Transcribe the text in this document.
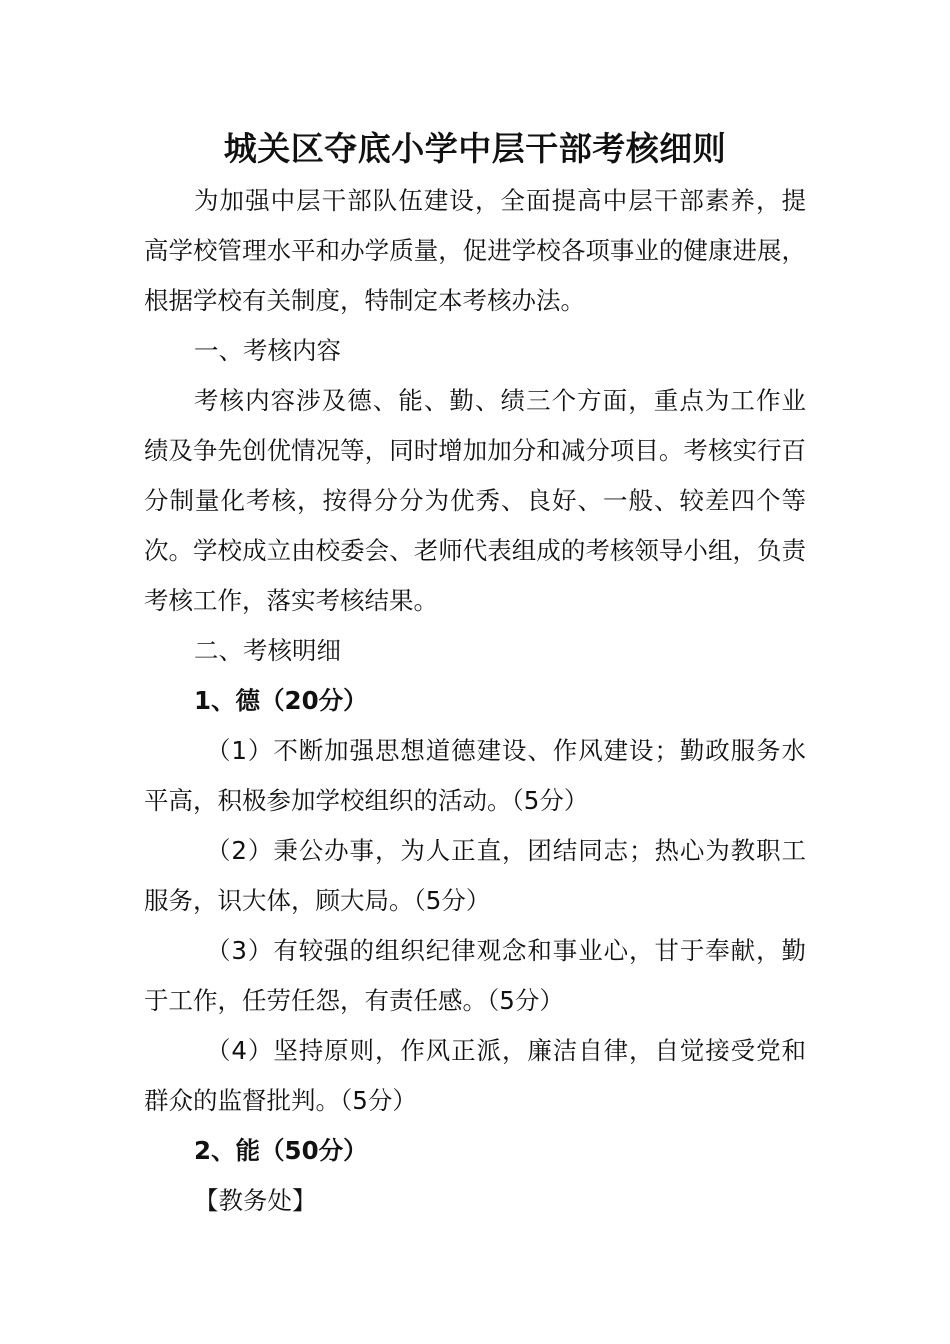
城关区夺底小学中层干部考核细则

为加强中层干部队伍建设，全面提高中层干部素养，提高学校管理水平和办学质量，促进学校各项事业的健康进展，根据学校有关制度，特制定本考核办法。

一、考核内容

考核内容涉及德、能、勤、绩三个方面，重点为工作业绩及争先创优情况等，同时增加加分和减分项目。考核实行百分制量化考核，按得分分为优秀、良好、一般、较差四个等次。学校成立由校委会、老师代表组成的考核领导小组，负责考核工作，落实考核结果。

二、考核明细

1、德（20分）

（1）不断加强思想道德建设、作风建设；勤政服务水平高，积极参加学校组织的活动。（5分）

（2）秉公办事，为人正直，团结同志；热心为教职工服务，识大体，顾大局。（5分）

（3）有较强的组织纪律观念和事业心，甘于奉献，勤于工作，任劳任怨，有责任感。（5分）

（4）坚持原则，作风正派，廉洁自律，自觉接受党和群众的监督批判。（5分）

2、能（50分）

【教务处】
